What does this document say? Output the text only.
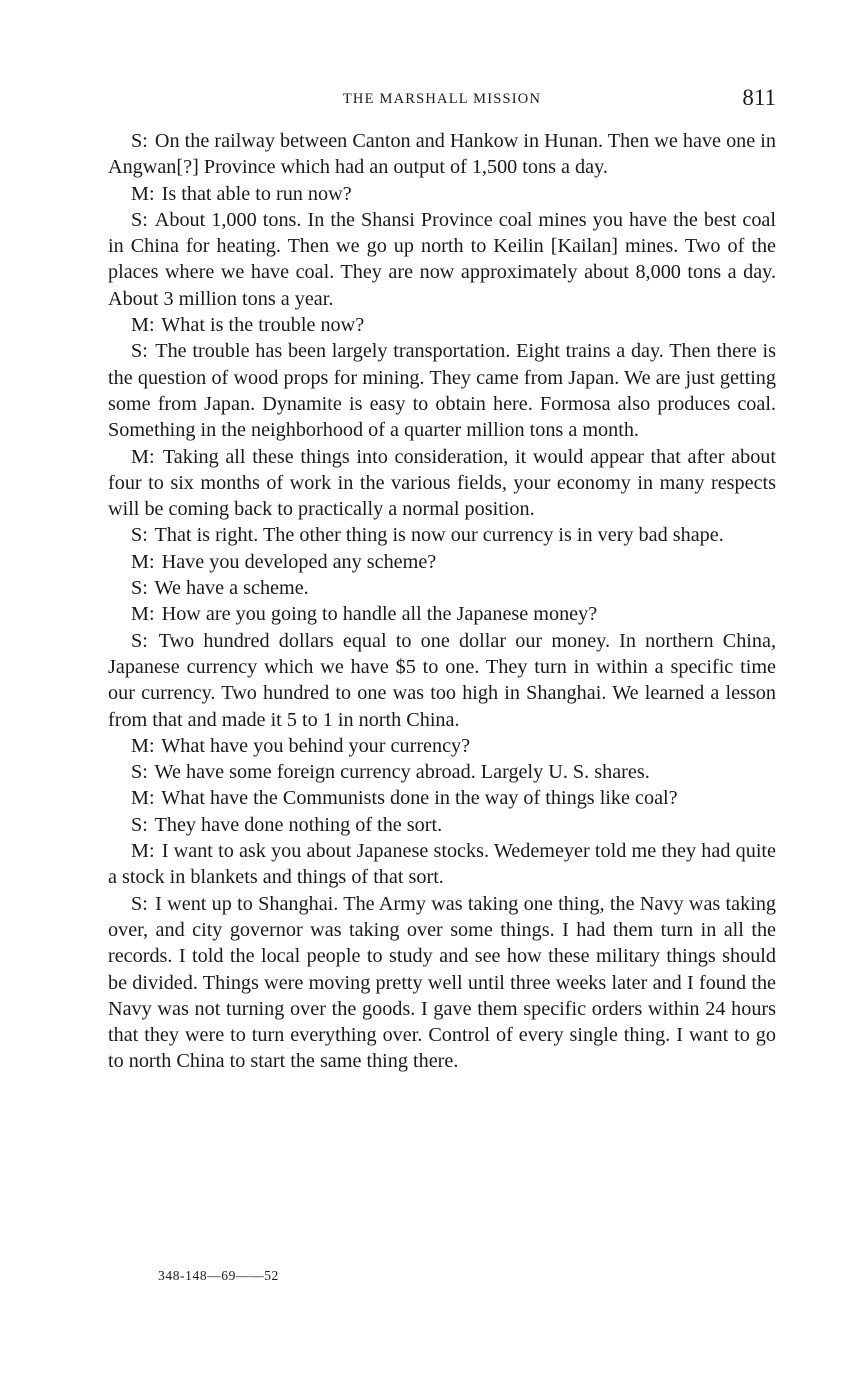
THE MARSHALL MISSION	811

S: On the railway between Canton and Hankow in Hunan. Then we have one in Angwan[?] Province which had an output of 1,500 tons a day.

M: Is that able to run now?

S: About 1,000 tons. In the Shansi Province coal mines you have the best coal in China for heating. Then we go up north to Keilin [Kailan] mines. Two of the places where we have coal. They are now approximately about 8,000 tons a day. About 3 million tons a year.

M: What is the trouble now?

S: The trouble has been largely transportation. Eight trains a day. Then there is the question of wood props for mining. They came from Japan. We are just getting some from Japan. Dynamite is easy to obtain here. Formosa also produces coal. Something in the neighborhood of a quarter million tons a month.

M: Taking all these things into consideration, it would appear that after about four to six months of work in the various fields, your economy in many respects will be coming back to practically a normal position.

S: That is right. The other thing is now our currency is in very bad shape.

M: Have you developed any scheme?

S: We have a scheme.

M: How are you going to handle all the Japanese money?

S: Two hundred dollars equal to one dollar our money. In northern China, Japanese currency which we have $5 to one. They turn in within a specific time our currency. Two hundred to one was too high in Shanghai. We learned a lesson from that and made it 5 to 1 in north China.

M: What have you behind your currency?

S: We have some foreign currency abroad. Largely U. S. shares.

M: What have the Communists done in the way of things like coal?

S: They have done nothing of the sort.

M: I want to ask you about Japanese stocks. Wedemeyer told me they had quite a stock in blankets and things of that sort.

S: I went up to Shanghai. The Army was taking one thing, the Navy was taking over, and city governor was taking over some things. I had them turn in all the records. I told the local people to study and see how these military things should be divided. Things were moving pretty well until three weeks later and I found the Navy was not turning over the goods. I gave them specific orders within 24 hours that they were to turn everything over. Control of every single thing. I want to go to north China to start the same thing there.

348-148—69——52
